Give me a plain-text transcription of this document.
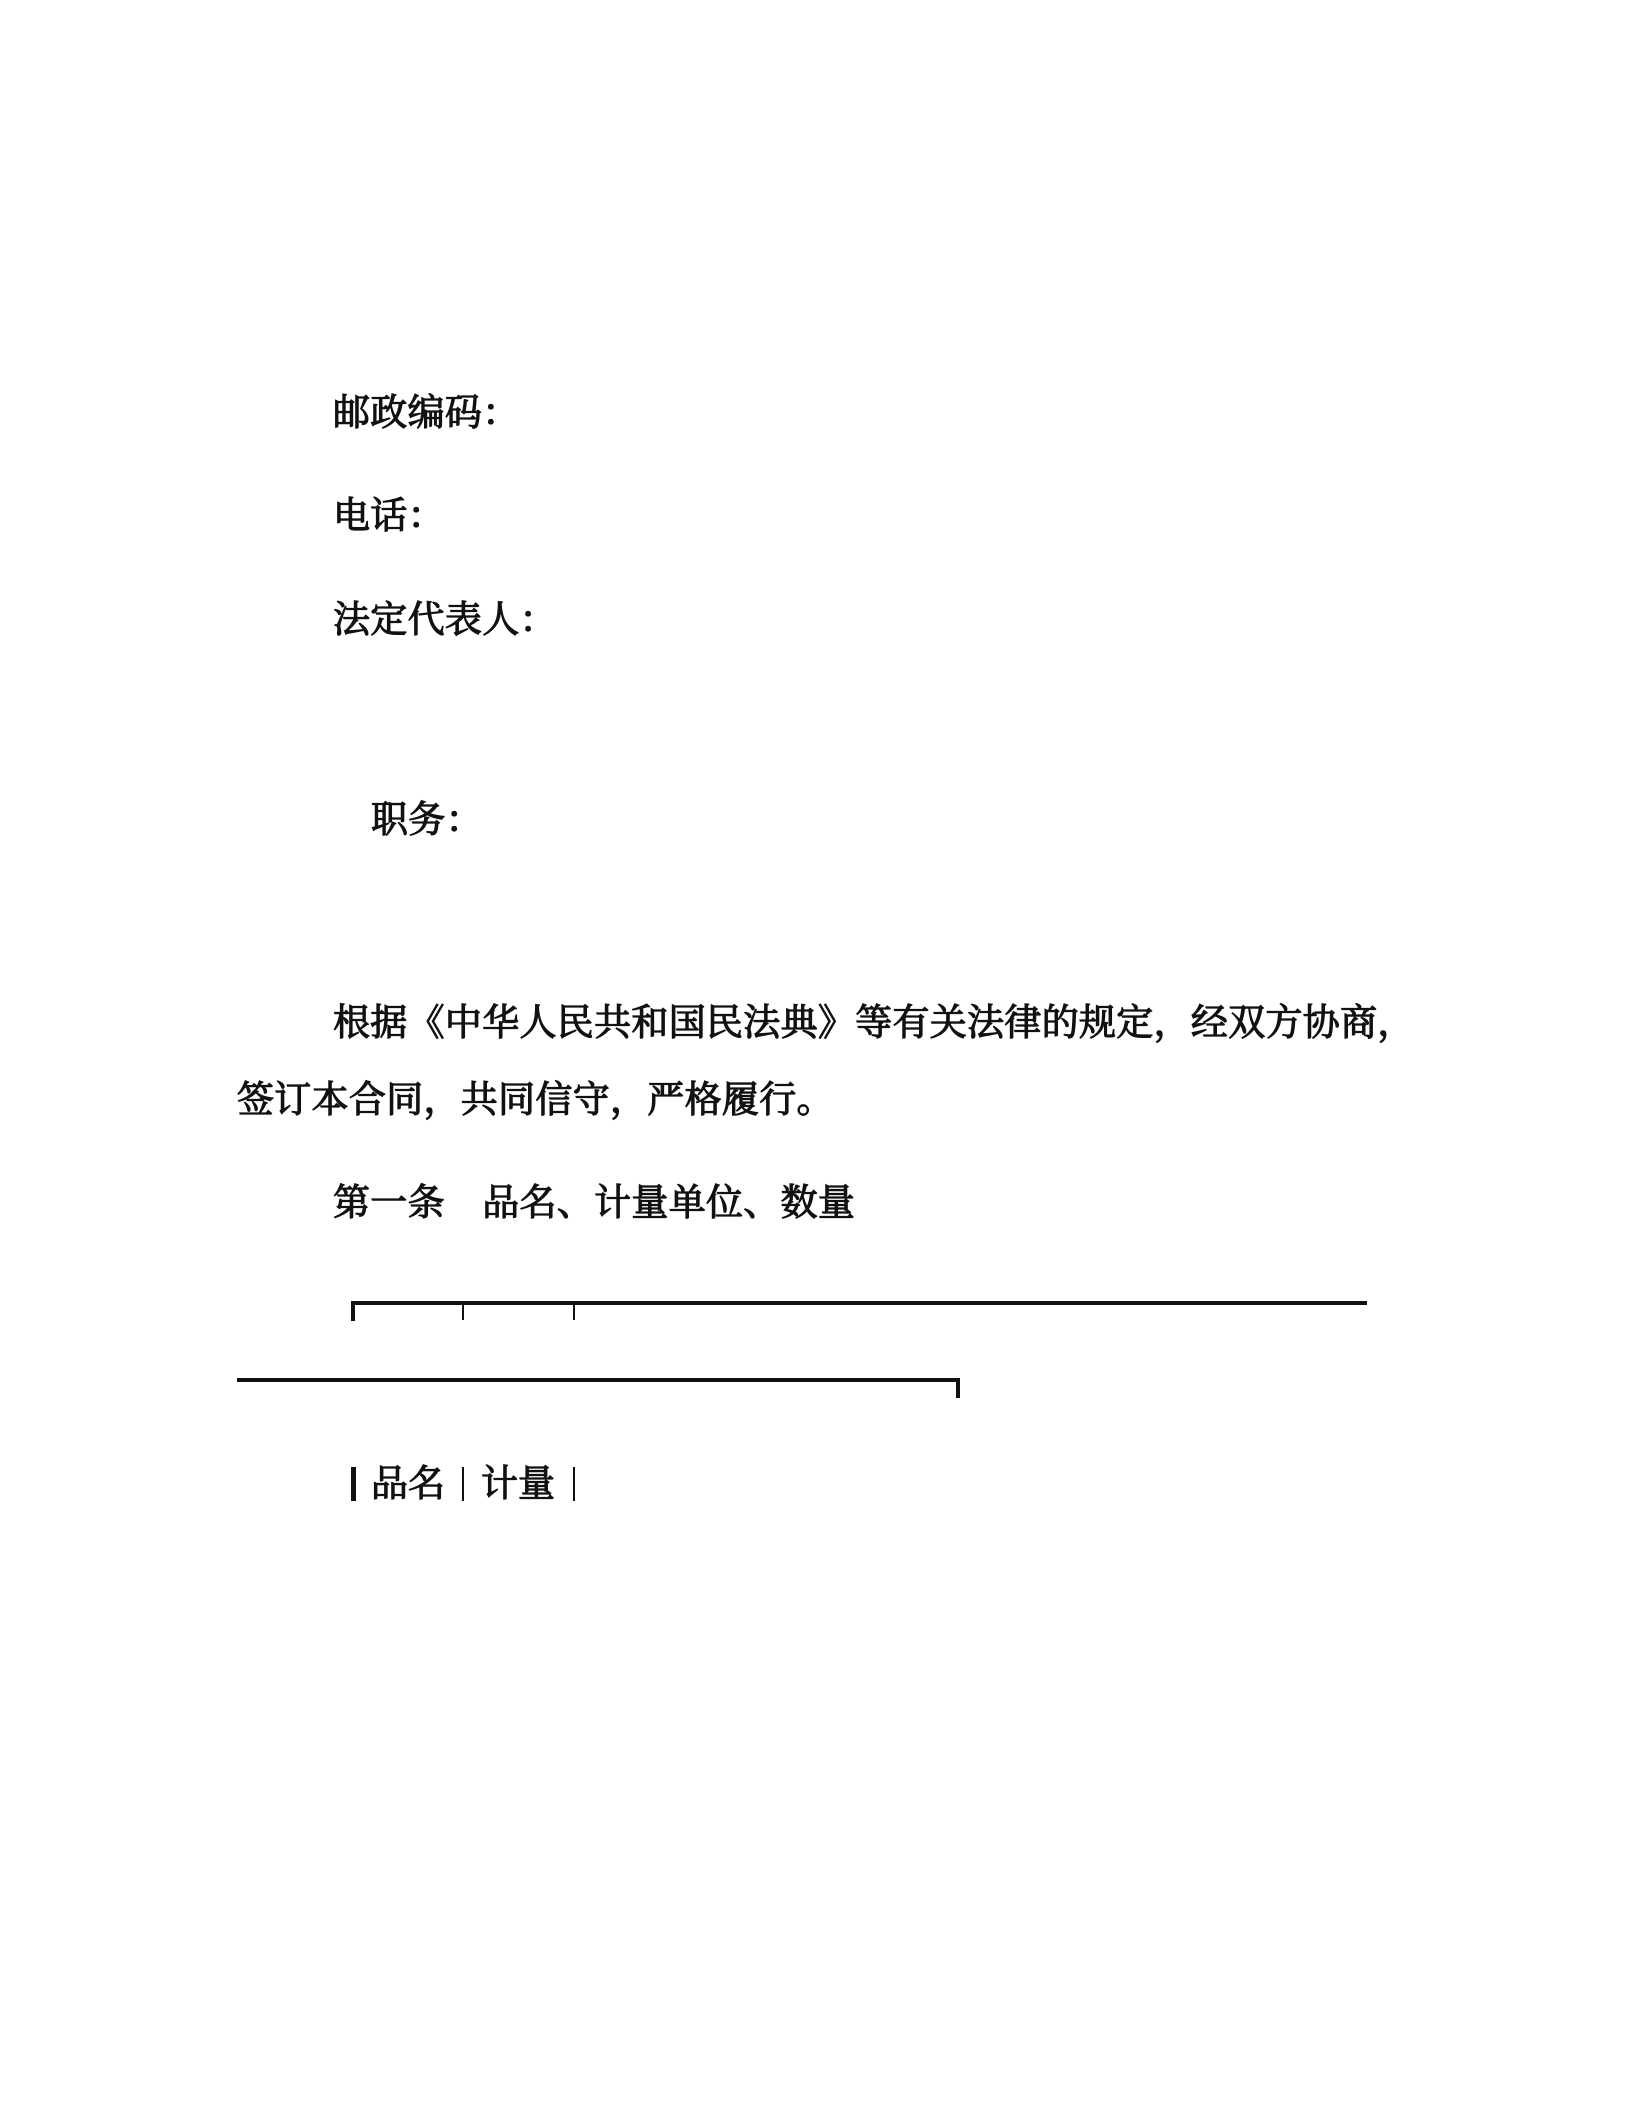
邮政编码：
电话：
法定代表人：
职务：
根据《中华人民共和国民法典》等有关法律的规定，经双方协商，
签订本合同，共同信守，严格履行。
第一条　品名、计量单位、数量
品名 计量
